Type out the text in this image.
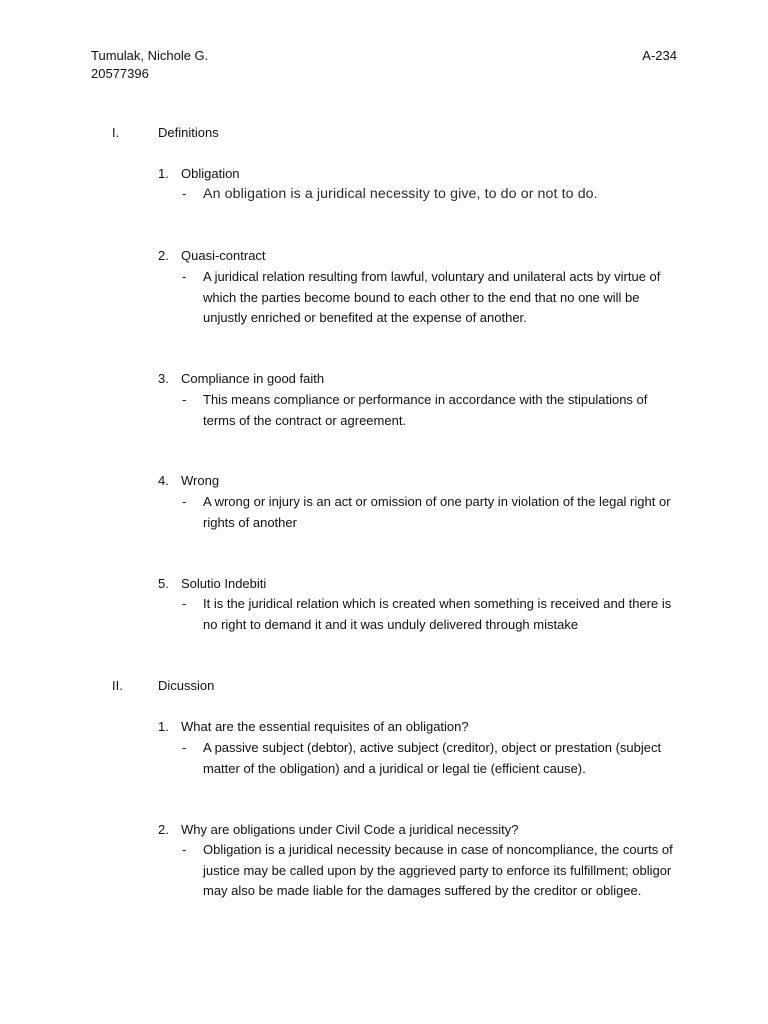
Tumulak, Nichole G.
20577396
A-234
I.	Definitions
1. Obligation
-	An obligation is a juridical necessity to give, to do or not to do.
2. Quasi-contract
-	A juridical relation resulting from lawful, voluntary and unilateral acts by virtue of which the parties become bound to each other to the end that no one will be unjustly enriched or benefited at the expense of another.
3. Compliance in good faith
-	This means compliance or performance in accordance with the stipulations of terms of the contract or agreement.
4. Wrong
-	A wrong or injury is an act or omission of one party in violation of the legal right or rights of another
5. Solutio Indebiti
-	It is the juridical relation which is created when something is received and there is no right to demand it and it was unduly delivered through mistake
II.	Dicussion
1. What are the essential requisites of an obligation?
-	A passive subject (debtor), active subject (creditor), object or prestation (subject matter of the obligation) and a juridical or legal tie (efficient cause).
2. Why are obligations under Civil Code a juridical necessity?
-	Obligation is a juridical necessity because in case of noncompliance, the courts of justice may be called upon by the aggrieved party to enforce its fulfillment; obligor may also be made liable for the damages suffered by the creditor or obligee.
